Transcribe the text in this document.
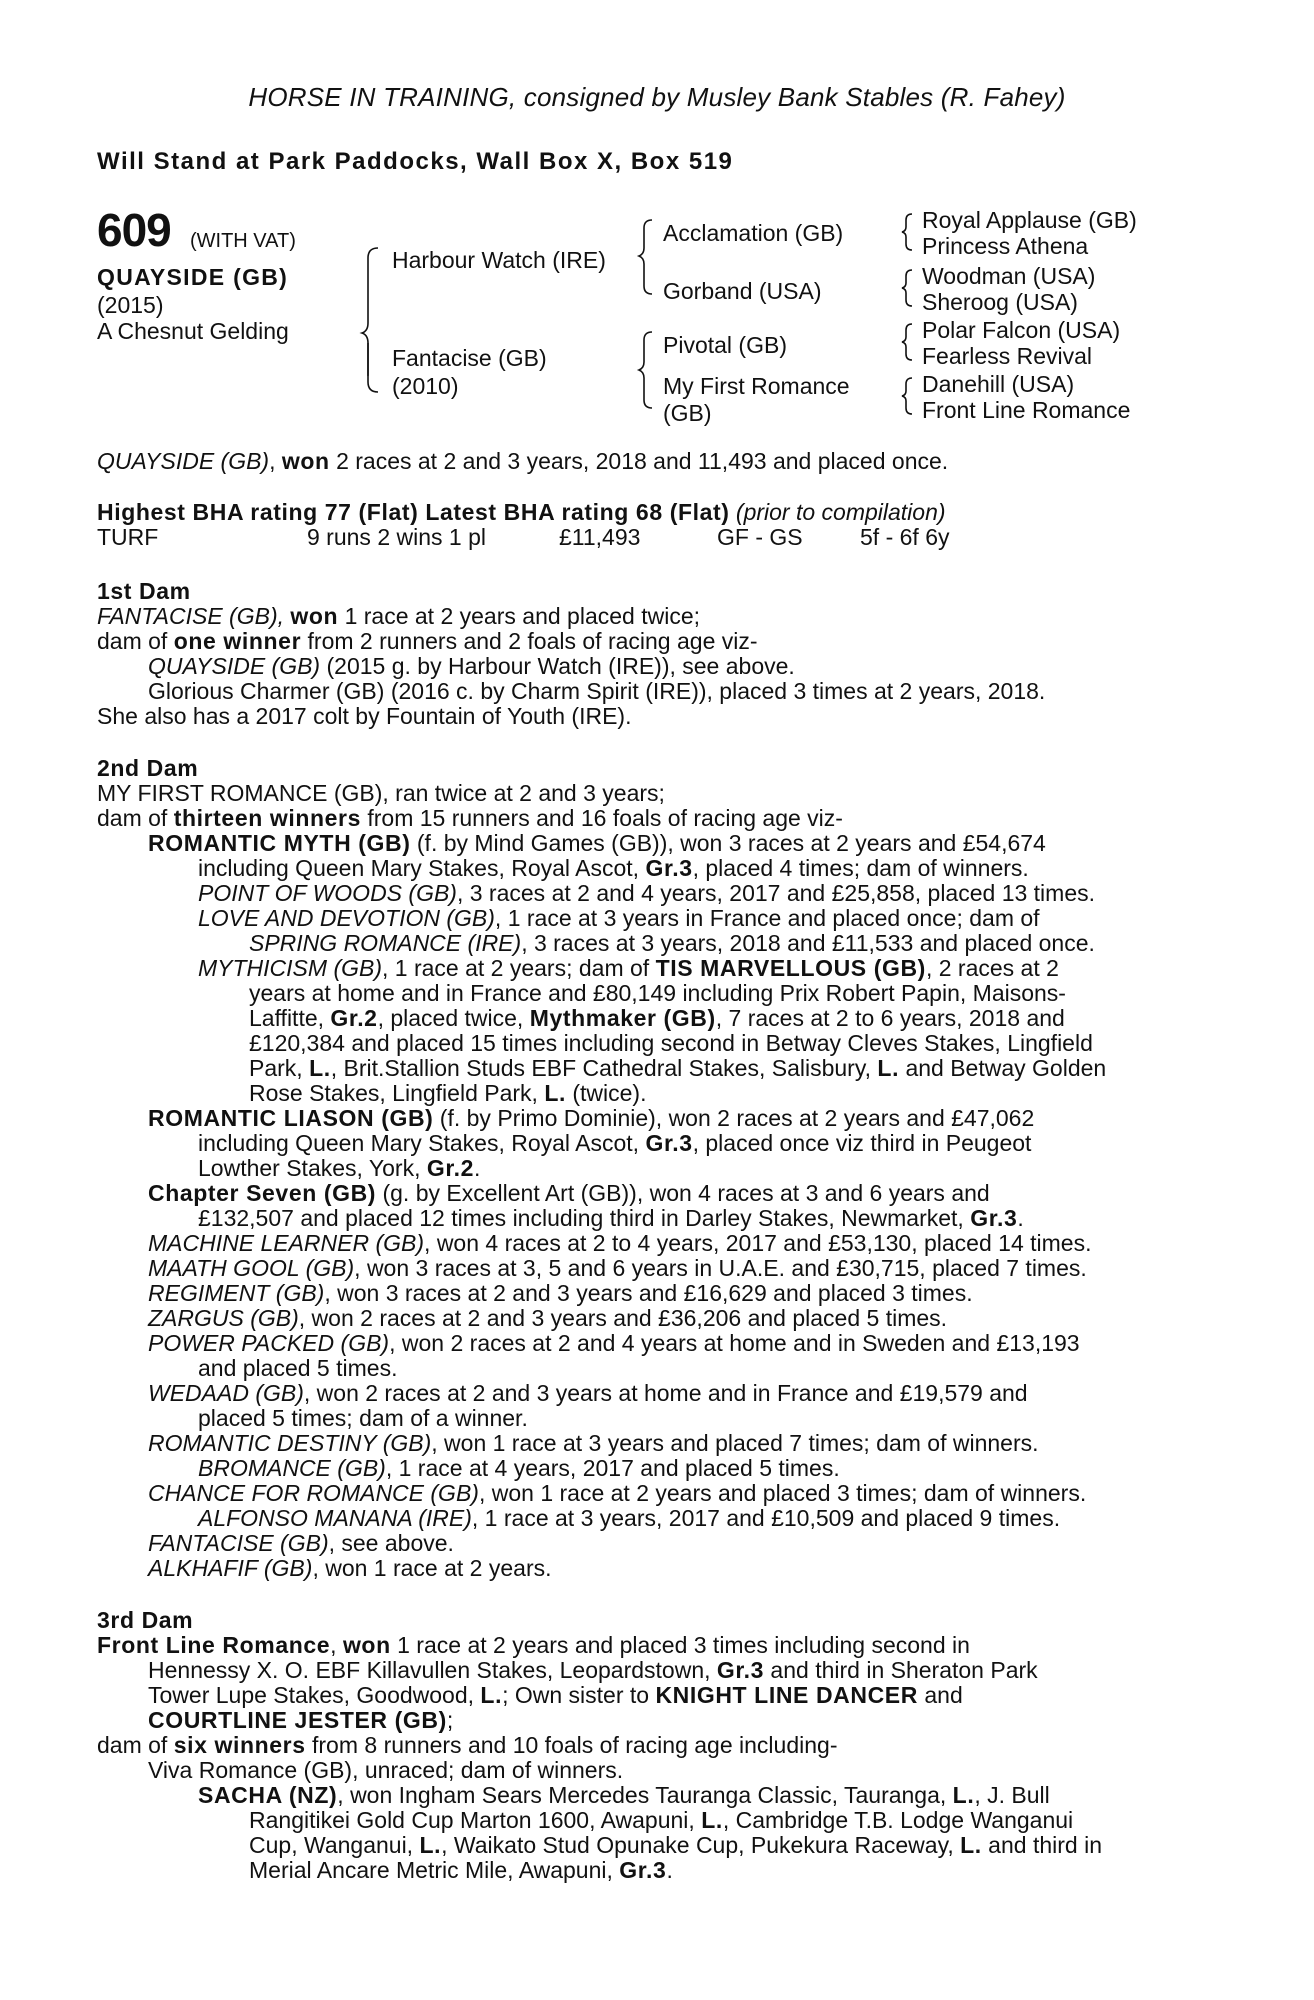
HORSE IN TRAINING, consigned by Musley Bank Stables (R. Fahey)
Will Stand at Park Paddocks, Wall Box X, Box 519
609 (WITH VAT)
QUAYSIDE (GB)
(2015)
A Chesnut Gelding
Harbour Watch (IRE)
Fantacise (GB)
(2010)
Acclamation (GB)
Gorband (USA)
Pivotal (GB)
My First Romance
(GB)
Royal Applause (GB)
Princess Athena
Woodman (USA)
Sheroog (USA)
Polar Falcon (USA)
Fearless Revival
Danehill (USA)
Front Line Romance
QUAYSIDE (GB), won 2 races at 2 and 3 years, 2018 and 11,493 and placed once.
Highest BHA rating 77 (Flat) Latest BHA rating 68 (Flat) (prior to compilation)
TURF	9 runs 2 wins 1 pl	£11,493	GF - GS 5f - 6f 6y
1st Dam
FANTACISE (GB), won 1 race at 2 years and placed twice;
dam of one winner from 2 runners and 2 foals of racing age viz-
QUAYSIDE (GB) (2015 g. by Harbour Watch (IRE)), see above.
Glorious Charmer (GB) (2016 c. by Charm Spirit (IRE)), placed 3 times at 2 years, 2018.
She also has a 2017 colt by Fountain of Youth (IRE).
2nd Dam
MY FIRST ROMANCE (GB), ran twice at 2 and 3 years;
dam of thirteen winners from 15 runners and 16 foals of racing age viz-
ROMANTIC MYTH (GB) (f. by Mind Games (GB)), won 3 races at 2 years and £54,674
including Queen Mary Stakes, Royal Ascot, Gr.3, placed 4 times; dam of winners.
POINT OF WOODS (GB), 3 races at 2 and 4 years, 2017 and £25,858, placed 13 times.
LOVE AND DEVOTION (GB), 1 race at 3 years in France and placed once; dam of
SPRING ROMANCE (IRE), 3 races at 3 years, 2018 and £11,533 and placed once.
MYTHICISM (GB), 1 race at 2 years; dam of TIS MARVELLOUS (GB), 2 races at 2
years at home and in France and £80,149 including Prix Robert Papin, Maisons-
Laffitte, Gr.2, placed twice, Mythmaker (GB), 7 races at 2 to 6 years, 2018 and
£120,384 and placed 15 times including second in Betway Cleves Stakes, Lingfield
Park, L., Brit.Stallion Studs EBF Cathedral Stakes, Salisbury, L. and Betway Golden
Rose Stakes, Lingfield Park, L. (twice).
ROMANTIC LIASON (GB) (f. by Primo Dominie), won 2 races at 2 years and £47,062
including Queen Mary Stakes, Royal Ascot, Gr.3, placed once viz third in Peugeot
Lowther Stakes, York, Gr.2.
Chapter Seven (GB) (g. by Excellent Art (GB)), won 4 races at 3 and 6 years and
£132,507 and placed 12 times including third in Darley Stakes, Newmarket, Gr.3.
MACHINE LEARNER (GB), won 4 races at 2 to 4 years, 2017 and £53,130, placed 14 times.
MAATH GOOL (GB), won 3 races at 3, 5 and 6 years in U.A.E. and £30,715, placed 7 times.
REGIMENT (GB), won 3 races at 2 and 3 years and £16,629 and placed 3 times.
ZARGUS (GB), won 2 races at 2 and 3 years and £36,206 and placed 5 times.
POWER PACKED (GB), won 2 races at 2 and 4 years at home and in Sweden and £13,193
and placed 5 times.
WEDAAD (GB), won 2 races at 2 and 3 years at home and in France and £19,579 and
placed 5 times; dam of a winner.
ROMANTIC DESTINY (GB), won 1 race at 3 years and placed 7 times; dam of winners.
BROMANCE (GB), 1 race at 4 years, 2017 and placed 5 times.
CHANCE FOR ROMANCE (GB), won 1 race at 2 years and placed 3 times; dam of winners.
ALFONSO MANANA (IRE), 1 race at 3 years, 2017 and £10,509 and placed 9 times.
FANTACISE (GB), see above.
ALKHAFIF (GB), won 1 race at 2 years.
3rd Dam
Front Line Romance, won 1 race at 2 years and placed 3 times including second in
Hennessy X. O. EBF Killavullen Stakes, Leopardstown, Gr.3 and third in Sheraton Park
Tower Lupe Stakes, Goodwood, L.; Own sister to KNIGHT LINE DANCER and
COURTLINE JESTER (GB);
dam of six winners from 8 runners and 10 foals of racing age including-
Viva Romance (GB), unraced; dam of winners.
SACHA (NZ), won Ingham Sears Mercedes Tauranga Classic, Tauranga, L., J. Bull
Rangitikei Gold Cup Marton 1600, Awapuni, L., Cambridge T.B. Lodge Wanganui
Cup, Wanganui, L., Waikato Stud Opunake Cup, Pukekura Raceway, L. and third in
Merial Ancare Metric Mile, Awapuni, Gr.3.
